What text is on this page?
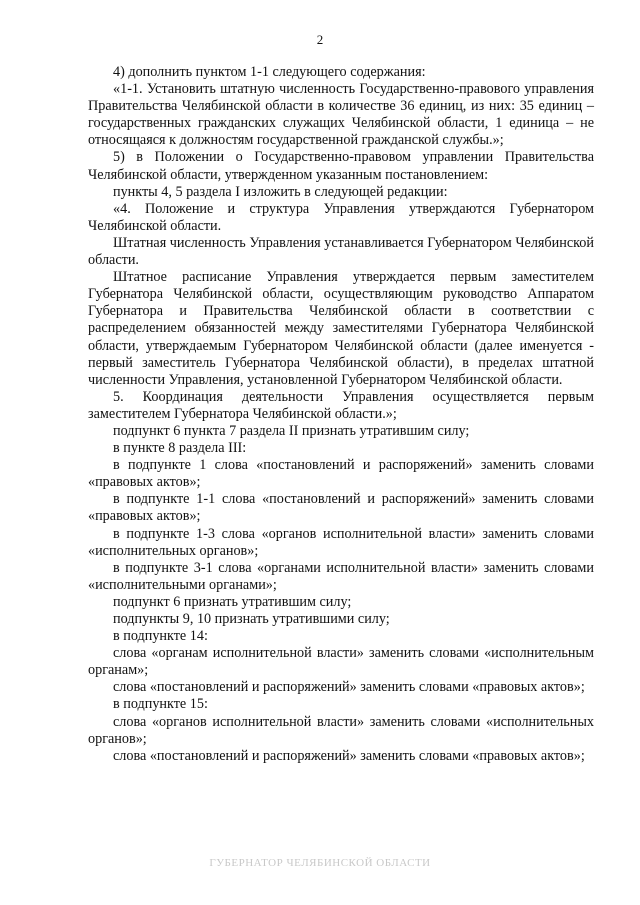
2

4) дополнить пунктом 1-1 следующего содержания:

«1-1. Установить штатную численность Государственно-правового управления Правительства Челябинской области в количестве 36 единиц, из них: 35 единиц – государственных гражданских служащих Челябинской области, 1 единица – не относящаяся к должностям государственной гражданской службы.»;

5) в Положении о Государственно-правовом управлении Правительства Челябинской области, утвержденном указанным постановлением:

пункты 4, 5 раздела I изложить в следующей редакции:

«4. Положение и структура Управления утверждаются Губернатором Челябинской области.

Штатная численность Управления устанавливается Губернатором Челябинской области.

Штатное расписание Управления утверждается первым заместителем Губернатора Челябинской области, осуществляющим руководство Аппаратом Губернатора и Правительства Челябинской области в соответствии с распределением обязанностей между заместителями Губернатора Челябинской области, утверждаемым Губернатором Челябинской области (далее именуется - первый заместитель Губернатора Челябинской области), в пределах штатной численности Управления, установленной Губернатором Челябинской области.

5. Координация деятельности Управления осуществляется первым заместителем Губернатора Челябинской области.»;

подпункт 6 пункта 7 раздела II признать утратившим силу;

в пункте 8 раздела III:

в подпункте 1 слова «постановлений и распоряжений» заменить словами «правовых актов»;

в подпункте 1-1 слова «постановлений и распоряжений» заменить словами «правовых актов»;

в подпункте 1-3 слова «органов исполнительной власти» заменить словами «исполнительных органов»;

в подпункте 3-1 слова «органами исполнительной власти» заменить словами «исполнительными органами»;

подпункт 6 признать утратившим силу;

подпункты 9, 10 признать утратившими силу;

в подпункте 14:

слова «органам исполнительной власти» заменить словами «исполнительным органам»;

слова «постановлений и распоряжений» заменить словами «правовых актов»;

в подпункте 15:

слова «органов исполнительной власти» заменить словами «исполнительных органов»;

слова «постановлений и распоряжений» заменить словами «правовых актов»;

ГУБЕРНАТОР ЧЕЛЯБИНСКОЙ ОБЛАСТИ
